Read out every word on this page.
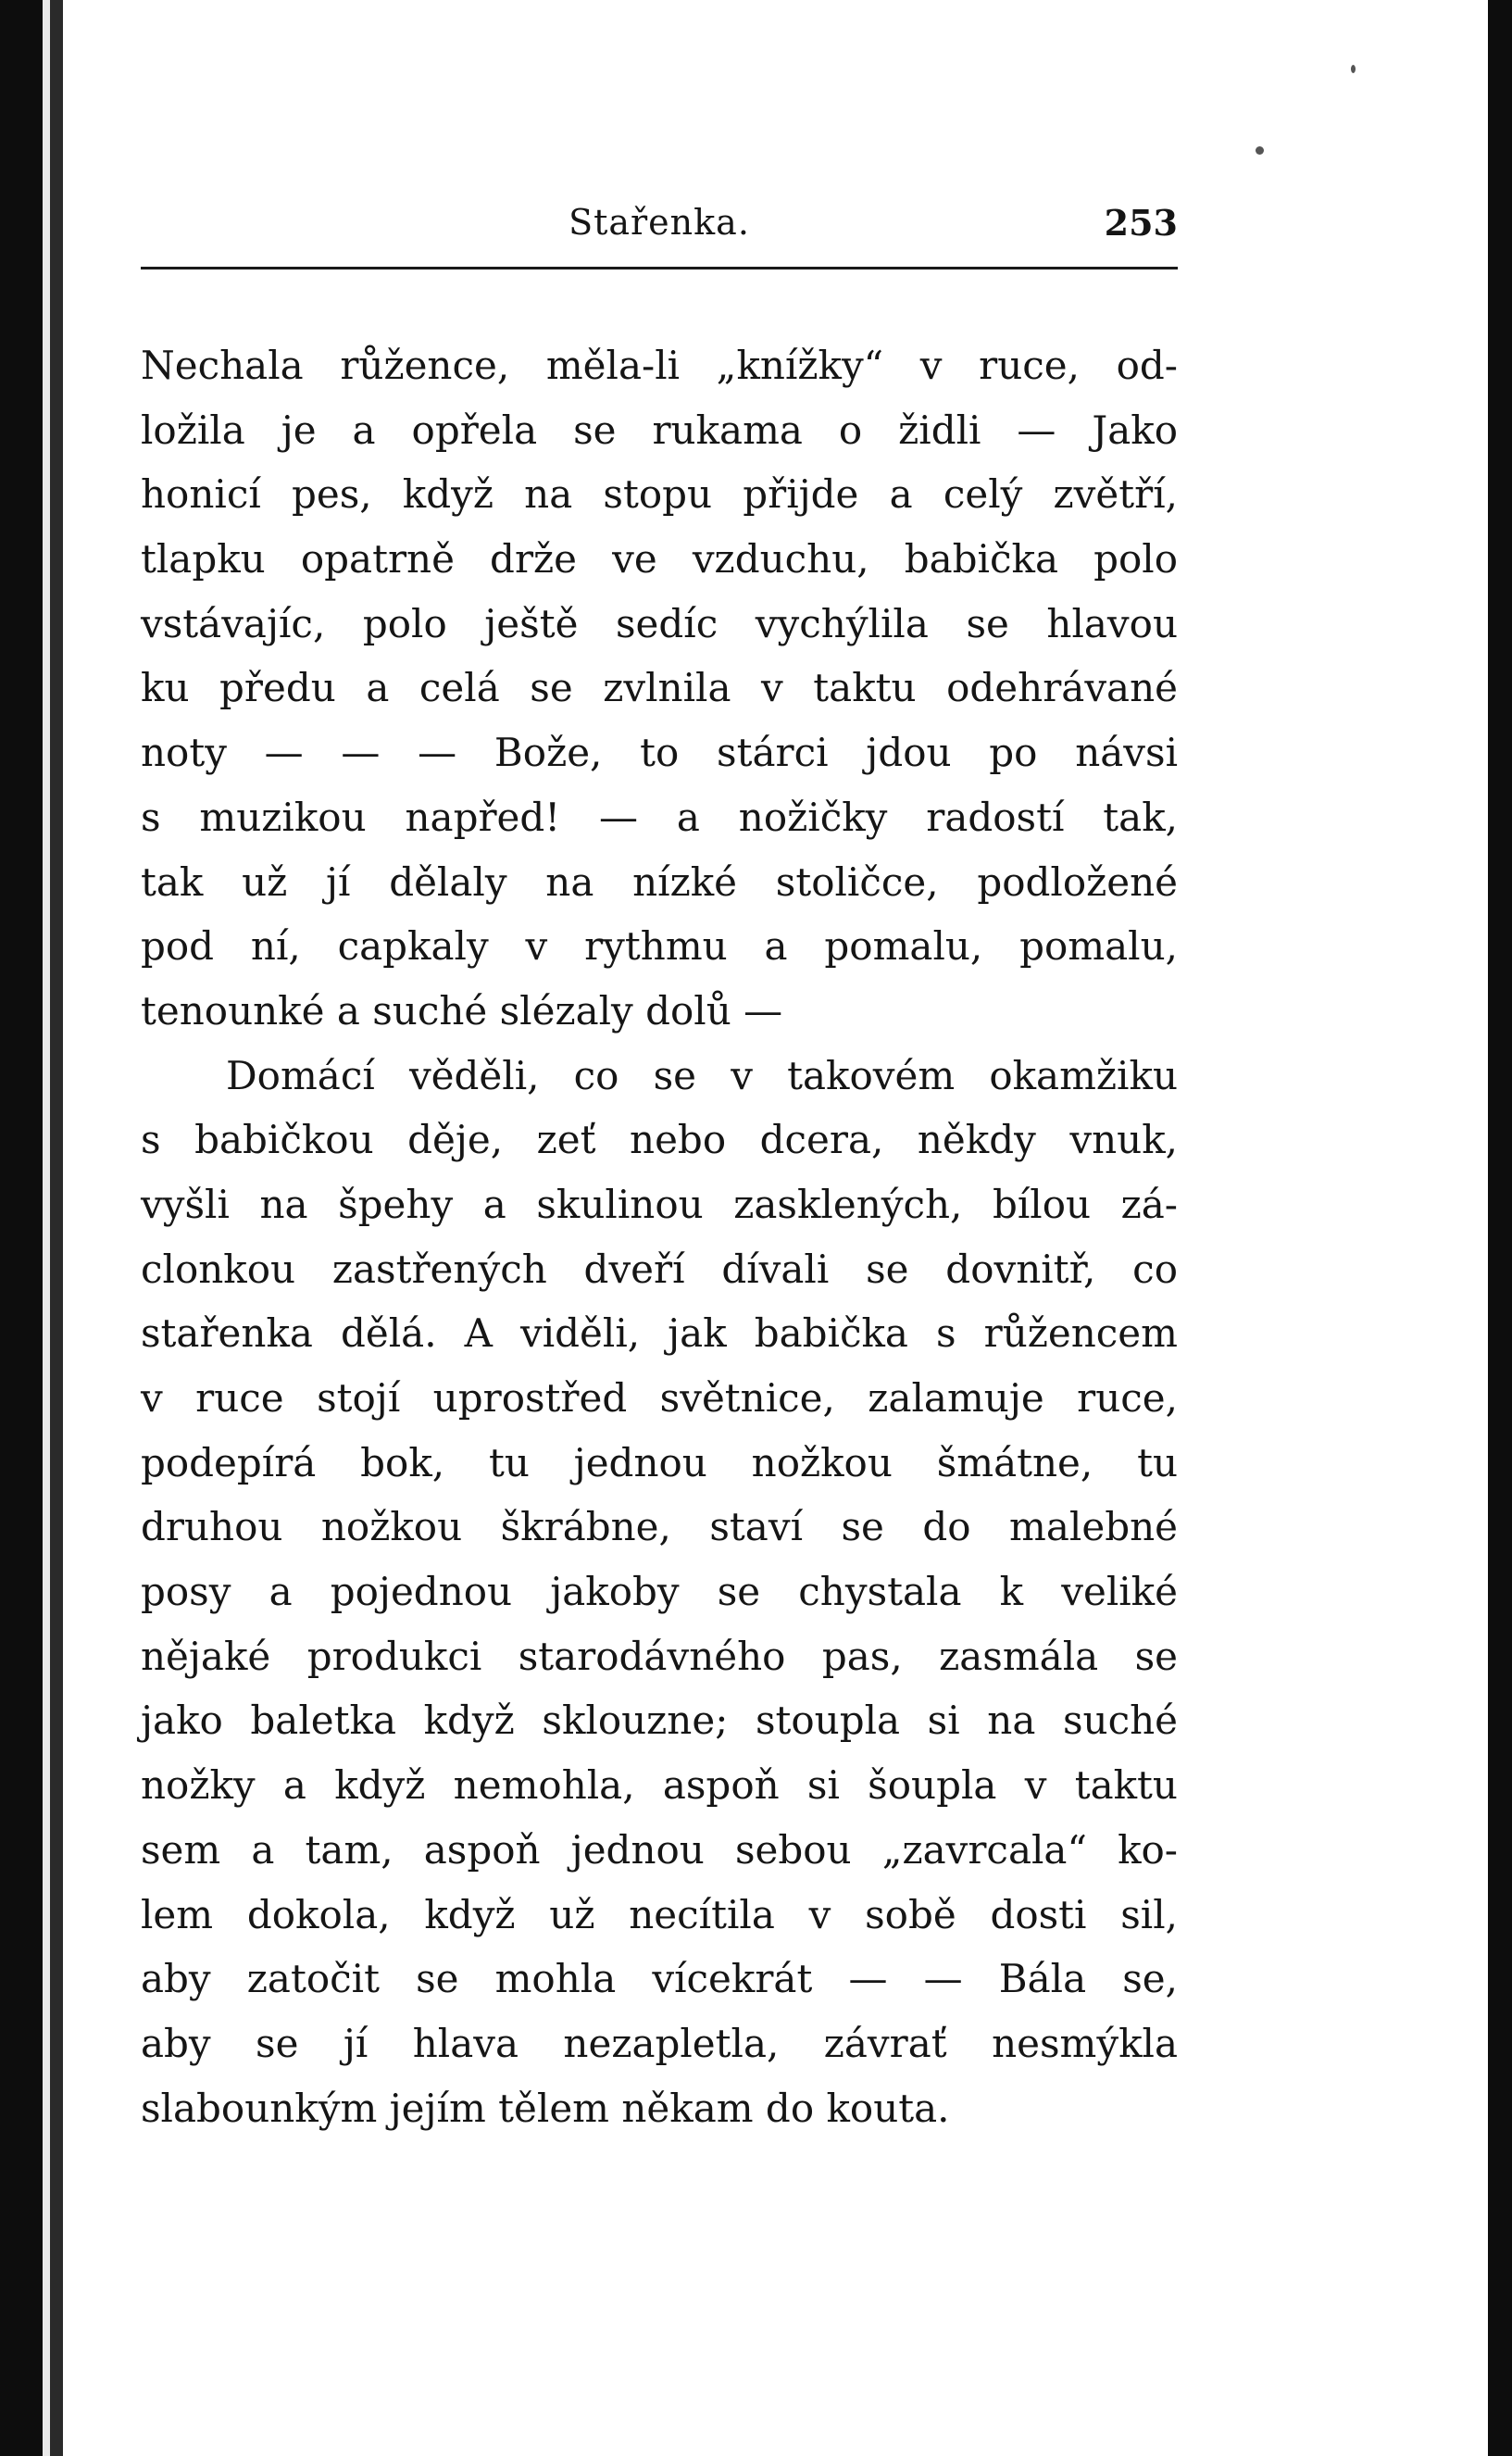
Stařenka.	253
Nechala růžence, měla-li „knížky“ v ruce, od-
ložila je a opřela se rukama o židli — Jako
honicí pes, když na stopu přijde a celý zvětří,
tlapku opatrně drže ve vzduchu, babička polo
vstávajíc, polo ještě sedíc vychýlila se hlavou
ku předu a celá se zvlnila v taktu odehrávané
noty — — — Bože, to stárci jdou po návsi
s muzikou napřed! — a nožičky radostí tak,
tak už jí dělaly na nízké stoličce, podložené
pod ní, capkaly v rythmu a pomalu, pomalu,
tenounké a suché slézaly dolů —
Domácí věděli, co se v takovém okamžiku
s babičkou děje, zeť nebo dcera, někdy vnuk,
vyšli na špehy a skulinou zasklených, bílou zá-
clonkou zastřených dveří dívali se dovnitř, co
stařenka dělá. A viděli, jak babička s růžencem
v ruce stojí uprostřed světnice, zalamuje ruce,
podepírá bok, tu jednou nožkou šmátne, tu
druhou nožkou škrábne, staví se do malebné
posy a pojednou jakoby se chystala k veliké
nějaké produkci starodávného pas, zasmála se
jako baletka když sklouzne; stoupla si na suché
nožky a když nemohla, aspoň si šoupla v taktu
sem a tam, aspoň jednou sebou „zavrcala“ ko-
lem dokola, když už necítila v sobě dosti sil,
aby zatočit se mohla vícekrát — — Bála se,
aby se jí hlava nezapletla, závrať nesmýkla
slabounkým jejím tělem někam do kouta.
